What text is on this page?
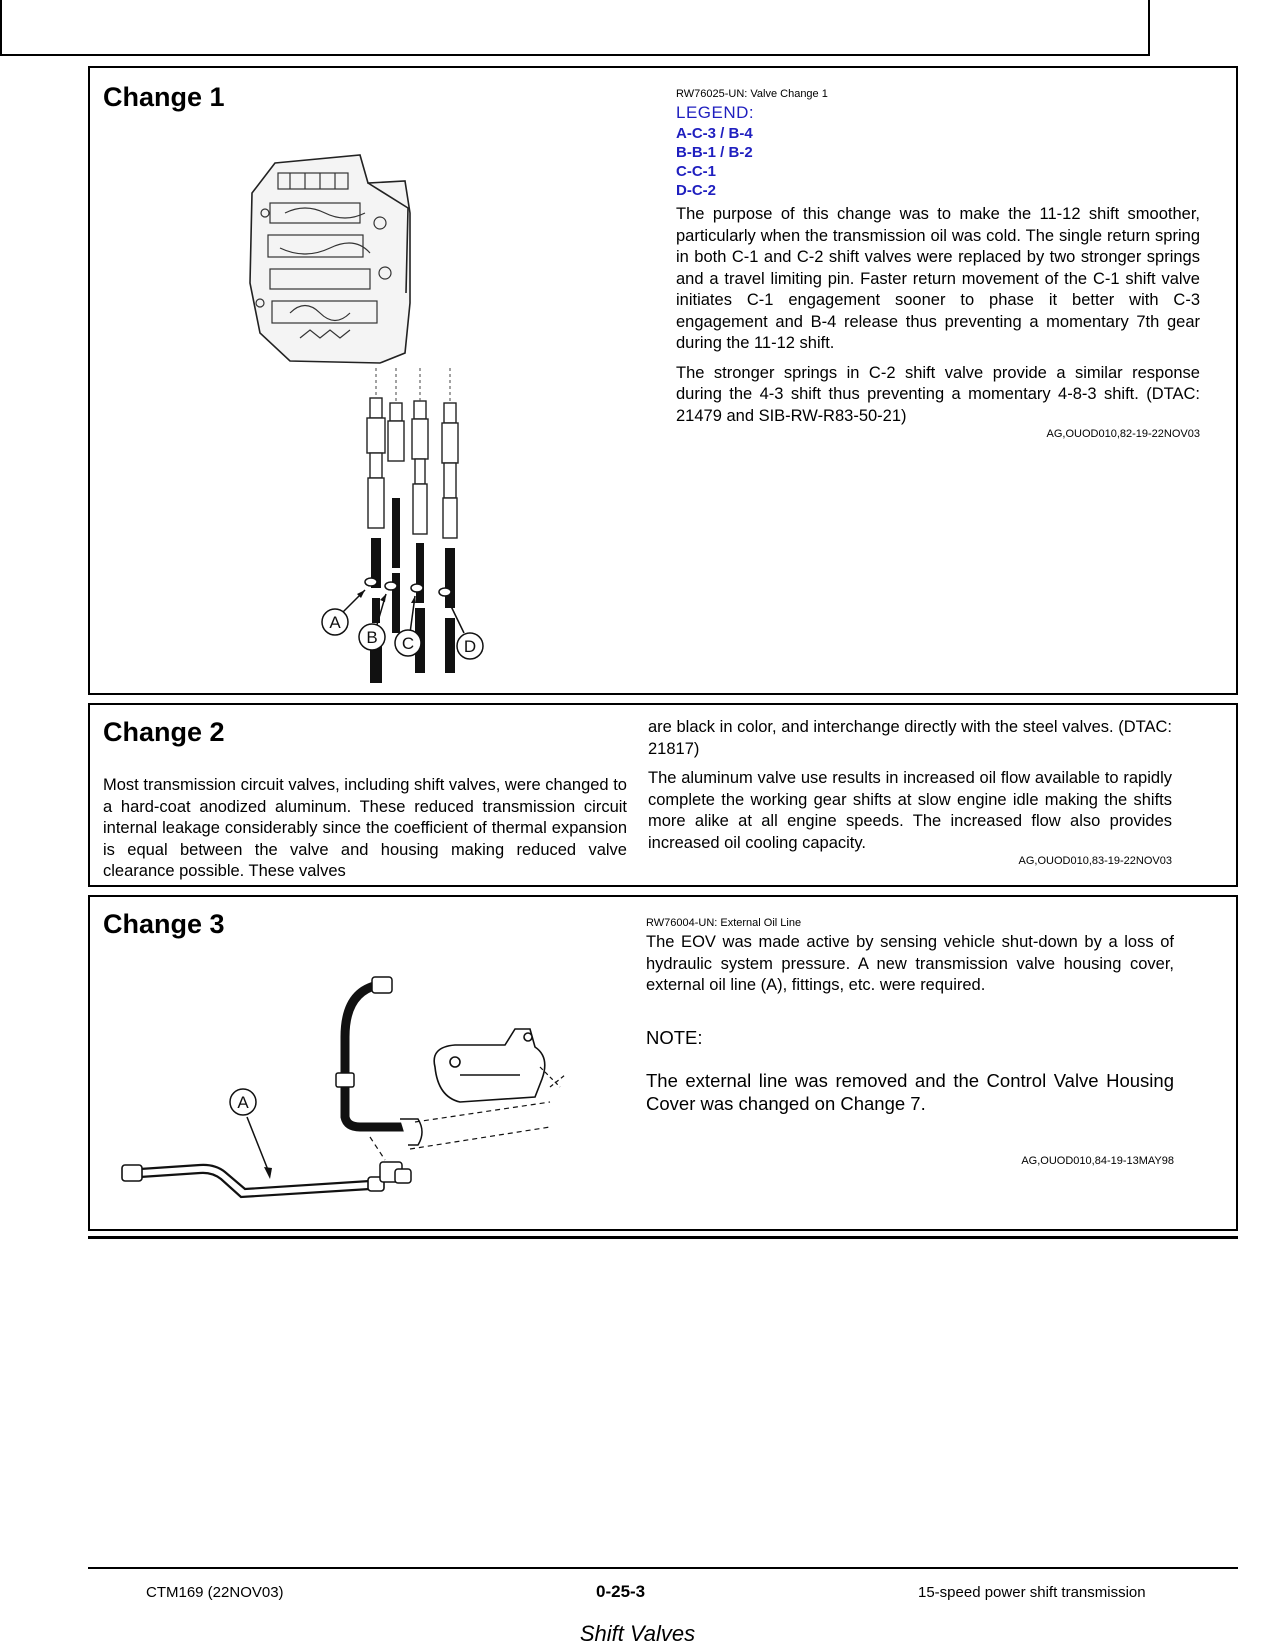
Shift Valves
Change 1
A
B C	D
RW76025-UN: Valve Change 1
LEGEND:
A-C-3 / B-4
B-B-1 / B-2
C-C-1
D-C-2

The purpose of this change was to make the 11-12 shift smoother, particularly when the transmission oil was cold. The single return spring in both C-1 and C-2 shift valves were replaced by two stronger springs and a travel limiting pin. Faster return movement of the C-1 shift valve initiates C-1 engagement sooner to phase it better with C-3 engagement and B-4 release thus preventing a momentary 7th gear during the 11-12 shift.

The stronger springs in C-2 shift valve provide a similar response during the 4-3 shift thus preventing a momentary 4-8-3 shift. (DTAC: 21479 and SIB-RW-R83-50-21)

AG,OUOD010,82-19-22NOV03
Change 2

Most transmission circuit valves, including shift valves, were changed to a hard-coat anodized aluminum. These reduced transmission circuit internal leakage considerably since the coefficient of thermal expansion is equal between the valve and housing making reduced valve clearance possible. These valves

are black in color, and interchange directly with the steel valves. (DTAC: 21817)

The aluminum valve use results in increased oil flow available to rapidly complete the working gear shifts at slow engine idle making the shifts more alike at all engine speeds. The increased flow also provides increased oil cooling capacity.

AG,OUOD010,83-19-22NOV03
Change 3
A
RW76004-UN: External Oil Line

The EOV was made active by sensing vehicle shut-down by a loss of hydraulic system pressure. A new transmission valve housing cover, external oil line (A), fittings, etc. were required.

NOTE:

The external line was removed and the Control Valve Housing Cover was changed on Change 7.

AG,OUOD010,84-19-13MAY98
CTM169 (22NOV03)	0-25-3	15-speed power shift transmission
